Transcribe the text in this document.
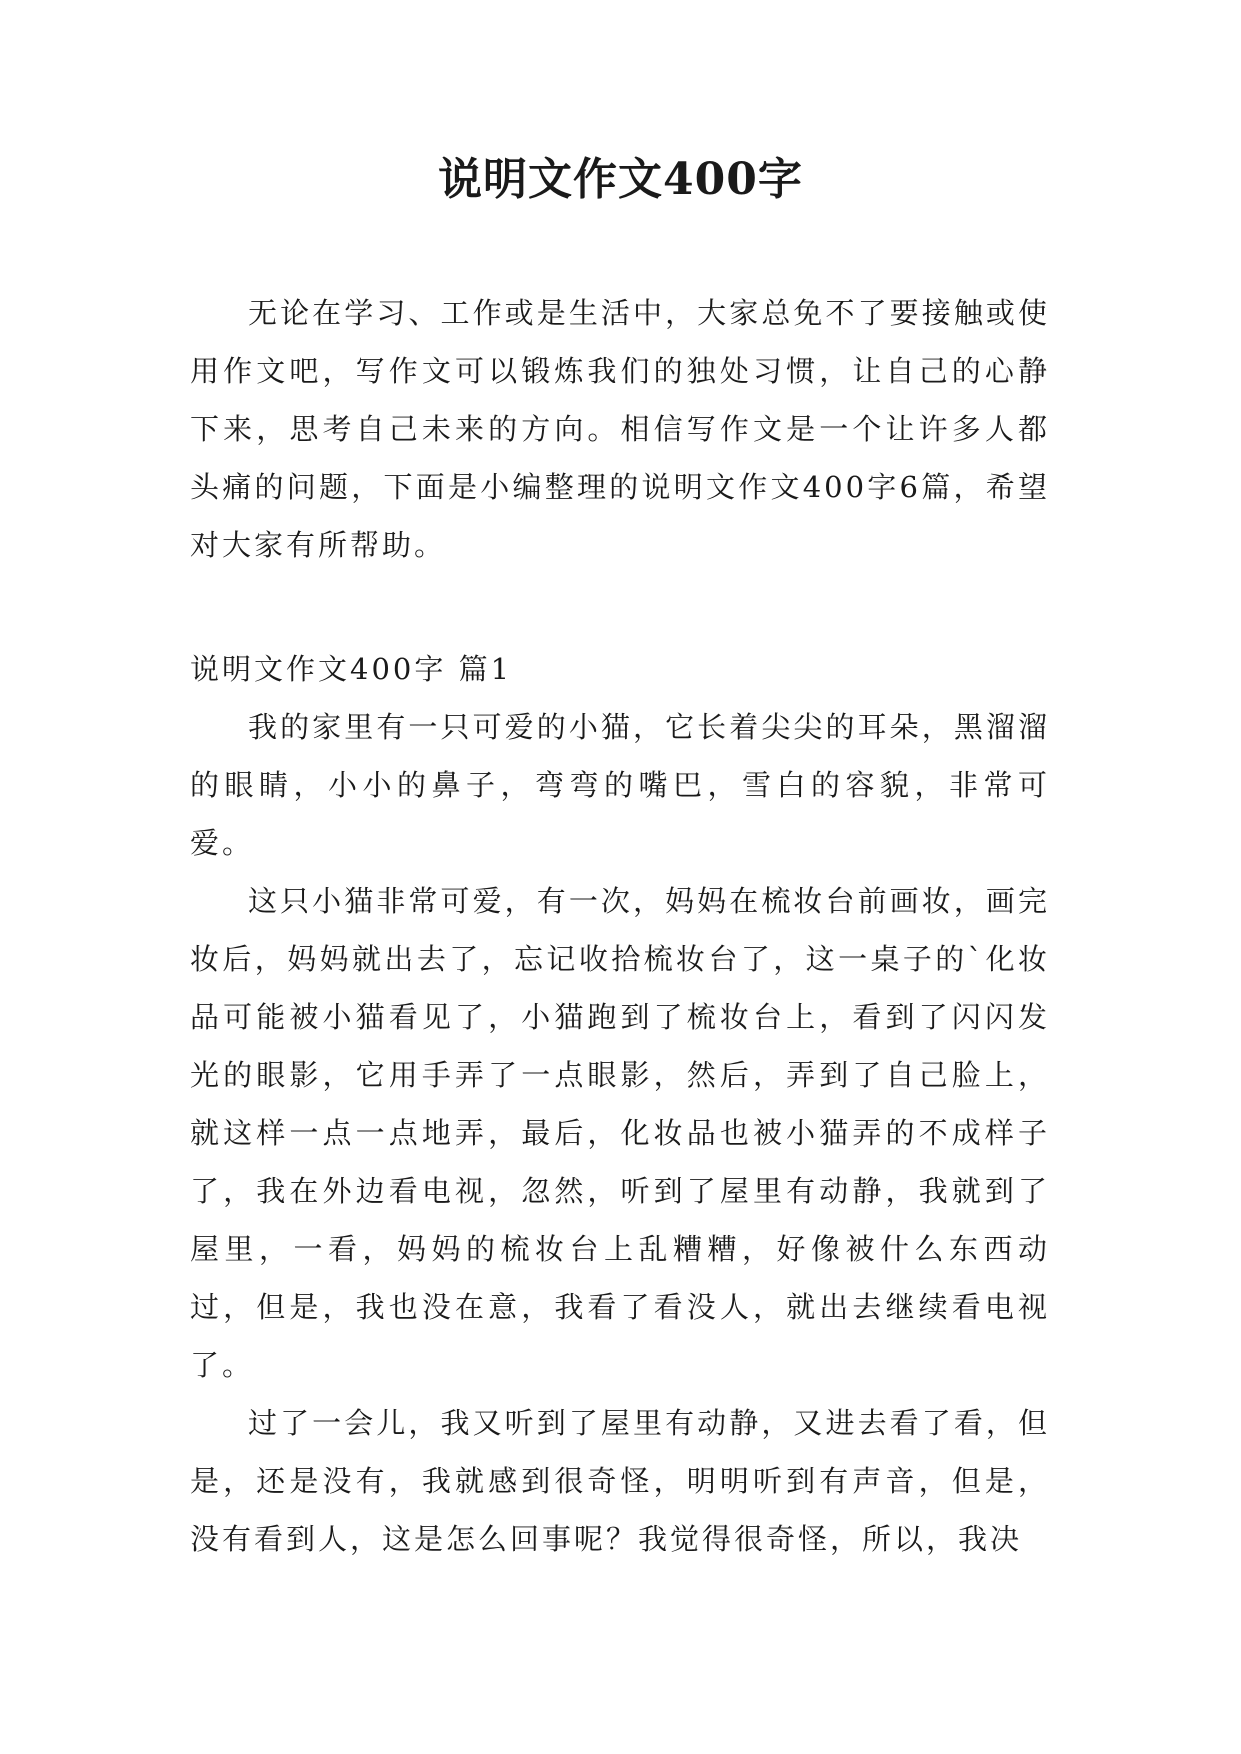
说明文作文400字

无论在学习、工作或是生活中，大家总免不了要接触或使用作文吧，写作文可以锻炼我们的独处习惯，让自己的心静下来，思考自己未来的方向。相信写作文是一个让许多人都头痛的问题，下面是小编整理的说明文作文400字6篇，希望对大家有所帮助。

说明文作文400字 篇1

我的家里有一只可爱的小猫，它长着尖尖的耳朵，黑溜溜的眼睛，小小的鼻子，弯弯的嘴巴，雪白的容貌，非常可爱。

这只小猫非常可爱，有一次，妈妈在梳妆台前画妆，画完妆后，妈妈就出去了，忘记收拾梳妆台了，这一桌子的`化妆品可能被小猫看见了，小猫跑到了梳妆台上，看到了闪闪发光的眼影，它用手弄了一点眼影，然后，弄到了自己脸上，就这样一点一点地弄，最后，化妆品也被小猫弄的不成样子了，我在外边看电视，忽然，听到了屋里有动静，我就到了屋里，一看，妈妈的梳妆台上乱糟糟，好像被什么东西动过，但是，我也没在意，我看了看没人，就出去继续看电视了。

过了一会儿，我又听到了屋里有动静，又进去看了看，但是，还是没有，我就感到很奇怪，明明听到有声音，但是，没有看到人，这是怎么回事呢？我觉得很奇怪，所以，我决
